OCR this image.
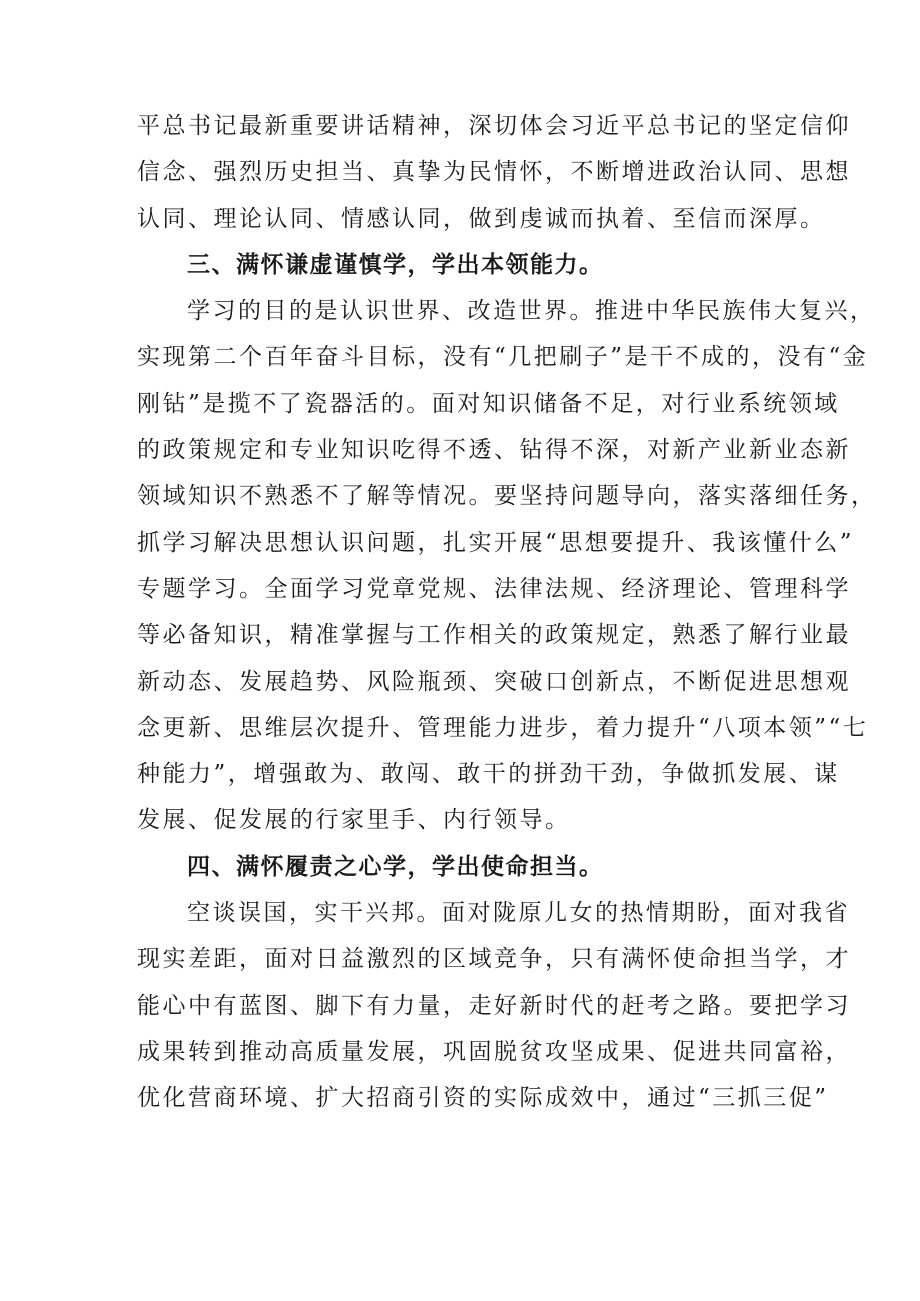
平总书记最新重要讲话精神，深切体会习近平总书记的坚定信仰
信念、强烈历史担当、真挚为民情怀，不断增进政治认同、思想
认同、理论认同、情感认同，做到虔诚而执着、至信而深厚。

三、满怀谦虚谨慎学，学出本领能力。

学习的目的是认识世界、改造世界。推进中华民族伟大复兴，
实现第二个百年奋斗目标，没有“几把刷子”是干不成的，没有“金
刚钻”是揽不了瓷器活的。面对知识储备不足，对行业系统领域
的政策规定和专业知识吃得不透、钻得不深，对新产业新业态新
领域知识不熟悉不了解等情况。要坚持问题导向，落实落细任务，
抓学习解决思想认识问题，扎实开展“思想要提升、我该懂什么”
专题学习。全面学习党章党规、法律法规、经济理论、管理科学
等必备知识，精准掌握与工作相关的政策规定，熟悉了解行业最
新动态、发展趋势、风险瓶颈、突破口创新点，不断促进思想观
念更新、思维层次提升、管理能力进步，着力提升“八项本领”“七
种能力”，增强敢为、敢闯、敢干的拼劲干劲，争做抓发展、谋
发展、促发展的行家里手、内行领导。

四、满怀履责之心学，学出使命担当。

空谈误国，实干兴邦。面对陇原儿女的热情期盼，面对我省
现实差距，面对日益激烈的区域竞争，只有满怀使命担当学，才
能心中有蓝图、脚下有力量，走好新时代的赶考之路。要把学习
成果转到推动高质量发展，巩固脱贫攻坚成果、促进共同富裕，
优化营商环境、扩大招商引资的实际成效中，通过“三抓三促”
